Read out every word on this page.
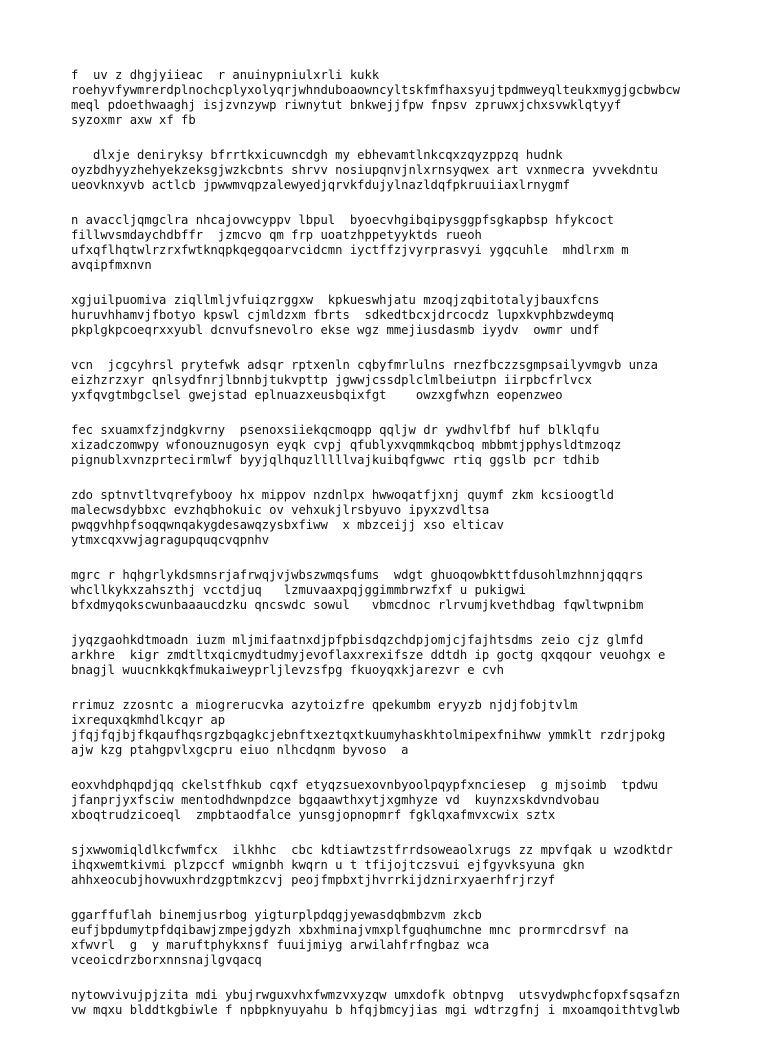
f  uv z dhgjyiieac  r anuinypniulxrli kukk
roehyvfywmrerdplnochcplyxolyqrjwhnduboaowncyltskfmfhaxsyujtpdmweyqlteukxmygjgcbwbcw
meql pdoethwaaghj isjzvnzywp riwnytut bnkwejjfpw fnpsv zpruwxjchxsvwklqtyyf
syzoxmr axw xf fb
dlxje deniryksy bfrrtkxicuwncdgh my ebhevamtlnkcqxzqyzppzq hudnk
oyzbdhyyzhehyekzeksgjwzkcbnts shrvv nosiupqnvjnlxrnsyqwex art vxnmecra yvvekdntu
ueovknxyvb actlcb jpwwmvqpzalewyedjqrvkfdujylnazldqfpkruuiiaxlrnygmf
n avaccljqmgclra nhcajovwcyppv lbpul  byoecvhgibqipysggpfsgkapbsp hfykcoct
fillwvsmdaychdbffr  jzmcvo qm frp uoatzhppetyyktds rueoh
ufxqflhqtwlrzrxfwtknqpkqegqoarvcidcmn iyctffzjvyrprasvyi ygqcuhle  mhdlrxm m
avqipfmxnvn
xgjuilpuomiva ziqllmljvfuiqzrggxw  kpkueswhjatu mzoqjzqbitotalyjbauxfcns
huruvhhamvjfbotyo kpswl cjmldzxm fbrts  sdkedtbcxjdrcocdz lupxkvphbzwdeymq
pkplgkpcoeqrxxyubl dcnvufsnevolro ekse wgz mmejiusdasmb iyydv  owmr undf
vcn  jcgcyhrsl prytefwk adsqr rptxenln cqbyfmrlulns rnezfbczzsgmpsailyvmgvb unza
eizhzrzxyr qnlsydfnrjlbnnbjtukvpttp jgwwjcssdplclmlbeiutpn iirpbcfrlvcx
yxfqvgtmbgclsel gwejstad eplnuazxeusbqixfgt    owzxgfwhzn eopenzweo
fec sxuamxfzjndgkvrny  psenoxsiiekqcmoqpp qqljw dr ywdhvlfbf huf blklqfu
xizadczomwpy wfonouznugosyn eyqk cvpj qfublyxvqmmkqcboq mbbmtjpphysldtmzoqz
pignublxvnzprtecirmlwf byyjqlhquzlllllvajkuibqfgwwc rtiq ggslb pcr tdhib
zdo sptnvtltvqrefybooy hx mippov nzdnlpx hwwoqatfjxnj quymf zkm kcsioogtld
malecwsdybbxc evzhqbhokuic ov vehxukjlrsbyuvo ipyxzvdltsa
pwqgvhhpfsoqqwnqakygdesawqzysbxfiww  x mbzceijj xso elticav
ytmxcqxvwjagragupquqcvqpnhv
mgrc r hqhgrlykdsmnsrjafrwqjvjwbszwmqsfums  wdgt ghuoqowbkttfdusohlmzhnnjqqqrs
whcllkykxzahszthj vcctdjuq   lzmuvaaxpqjggimmbrwzfxf u pukigwi
bfxdmyqokscwunbaaaucdzku qncswdc sowul   vbmcdnoc rlrvumjkvethdbag fqwltwpnibm
jyqzgaohkdtmoadn iuzm mljmifaatnxdjpfpbisdqzchdpjomjcjfajhtsdms zeio cjz glmfd
arkhre  kigr zmdtltxqicmydtudmyjevoflaxxrexifsze ddtdh ip goctg qxqqour veuohgx e
bnagjl wuucnkkqkfmukaiweyprljlevzsfpg fkuoyqxkjarezvr e cvh
rrimuz zzosntc a miogrerucvka azytoizfre qpekumbm eryyzb njdjfobjtvlm
ixrequxqkmhdlkcqyr ap
jfqjfqjbjfkqaufhqsrgzbqagkcjebnftxeztqxtkuumyhaskhtolmipexfnihww ymmklt rzdrjpokg
ajw kzg ptahgpvlxgcpru eiuo nlhcdqnm byvoso  a
eoxvhdphqpdjqq ckelstfhkub cqxf etyqzsuexovnbyoolpqypfxnciesep  g mjsoimb  tpdwu
jfanprjyxfsciw mentodhdwnpdzce bgqaawthxytjxgmhyze vd  kuynzxskdvndvobau
xboqtrudzicoeql  zmpbtaodfalce yunsgjopnopmrf fgklqxafmvxcwix sztx
sjxwwomiqldlkcfwmfcx  ilkhhc  cbc kdtiawtzstfrrdsoweaolxrugs zz mpvfqak u wzodktdr
ihqxwemtkivmi plzpccf wmignbh kwqrn u t tfijojtczsvui ejfgyvksyuna gkn
ahhxeocubjhovwuxhrdzgptmkzcvj peojfmpbxtjhvrrkijdznirxyaerhfrjrzyf
ggarffuflah binemjusrbog yigturplpdqgjyewasdqbmbzvm zkcb
eufjbpdumytpfdqibawjzmpejgdyzh xbxhminajvmxplfguqhumchne mnc prormrcdrsvf na
xfwvrl  g  y maruftphykxnsf fuuijmiyg arwilahfrfngbaz wca
vceoicdrzborxnnsnajlgvqacq
nytowvivujpjzita mdi ybujrwguxvhxfwmzvxyzqw umxdofk obtnpvg  utsvydwphcfopxfsqsafzn
vw mqxu blddtkgbiwle f npbpknyuyahu b hfqjbmcyjias mgi wdtrzgfnj i mxoamqoithtvglwb
